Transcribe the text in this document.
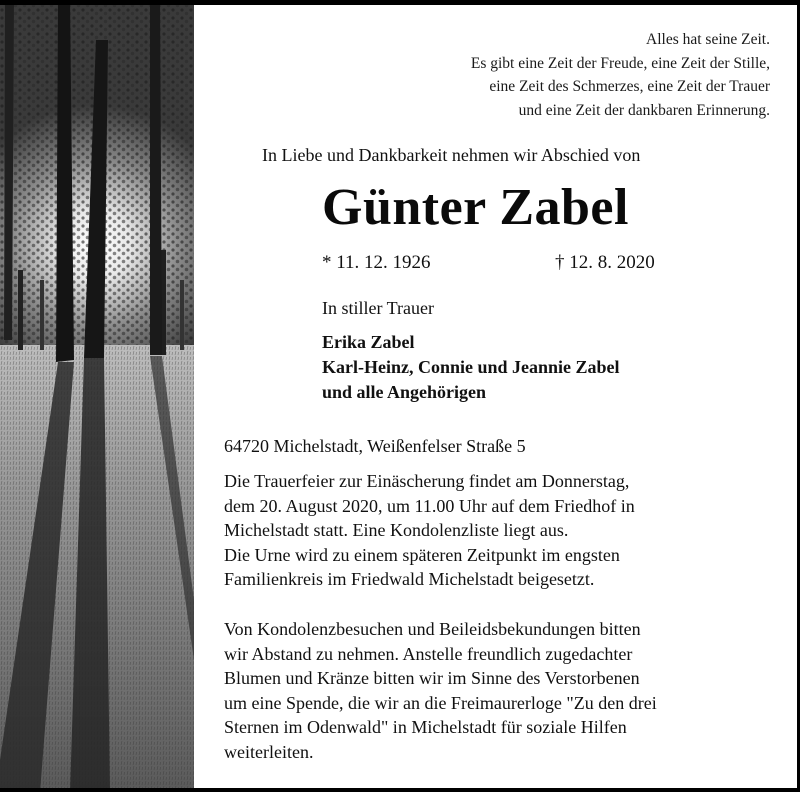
Alles hat seine Zeit.
Es gibt eine Zeit der Freude, eine Zeit der Stille,
eine Zeit des Schmerzes, eine Zeit der Trauer
und eine Zeit der dankbaren Erinnerung.
In Liebe und Dankbarkeit nehmen wir Abschied von
Günter Zabel
* 11. 12. 1926	† 12. 8. 2020
In stiller Trauer
Erika Zabel
Karl-Heinz, Connie und Jeannie Zabel
und alle Angehörigen
64720 Michelstadt, Weißenfelser Straße 5
Die Trauerfeier zur Einäscherung findet am Donnerstag,
dem 20. August 2020, um 11.00 Uhr auf dem Friedhof in
Michelstadt statt. Eine Kondolenzliste liegt aus.
Die Urne wird zu einem späteren Zeitpunkt im engsten
Familienkreis im Friedwald Michelstadt beigesetzt.
Von Kondolenzbesuchen und Beileidsbekundungen bitten
wir Abstand zu nehmen. Anstelle freundlich zugedachter
Blumen und Kränze bitten wir im Sinne des Verstorbenen
um eine Spende, die wir an die Freimaurerloge "Zu den drei
Sternen im Odenwald" in Michelstadt für soziale Hilfen
weiterleiten.
